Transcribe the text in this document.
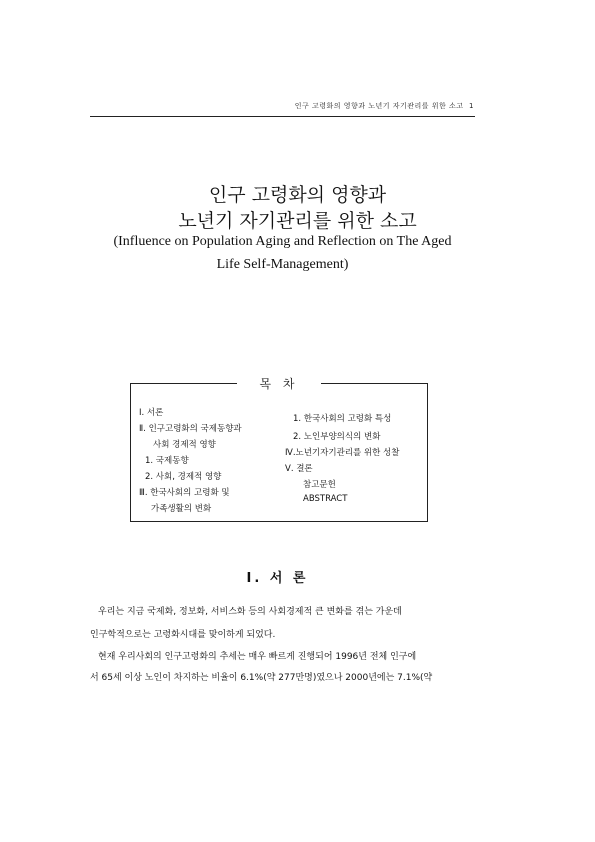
인구 고령화의 영향과 노년기 자기관리를 위한 소고 1
인구 고령화의 영향과
노년기 자기관리를 위한 소고
(Influence on Population Aging and Reflection on The Aged
Life Self-Management)
목 차
Ⅰ. 서론
Ⅱ. 인구고령화의 국제동향과
사회 경제적 영향
1. 국제동향
2. 사회, 경제적 영향
Ⅲ. 한국사회의 고령화 및
가족생활의 변화
1. 한국사회의 고령화 특성
2. 노인부양의식의 변화
Ⅳ.노년기자기관리를 위한 성찰
Ⅴ. 결론
참고문헌
ABSTRACT
Ⅰ. 서 론
우리는 지금 국제화, 정보화, 서비스화 등의 사회경제적 큰 변화를 겪는 가운데
인구학적으로는 고령화시대를 맞이하게 되었다.
현재 우리사회의 인구고령화의 추세는 매우 빠르게 진행되어 1996년 전체 인구에
서 65세 이상 노인이 차지하는 비율이 6.1%(약 277만명)였으나 2000년에는 7.1%(약
